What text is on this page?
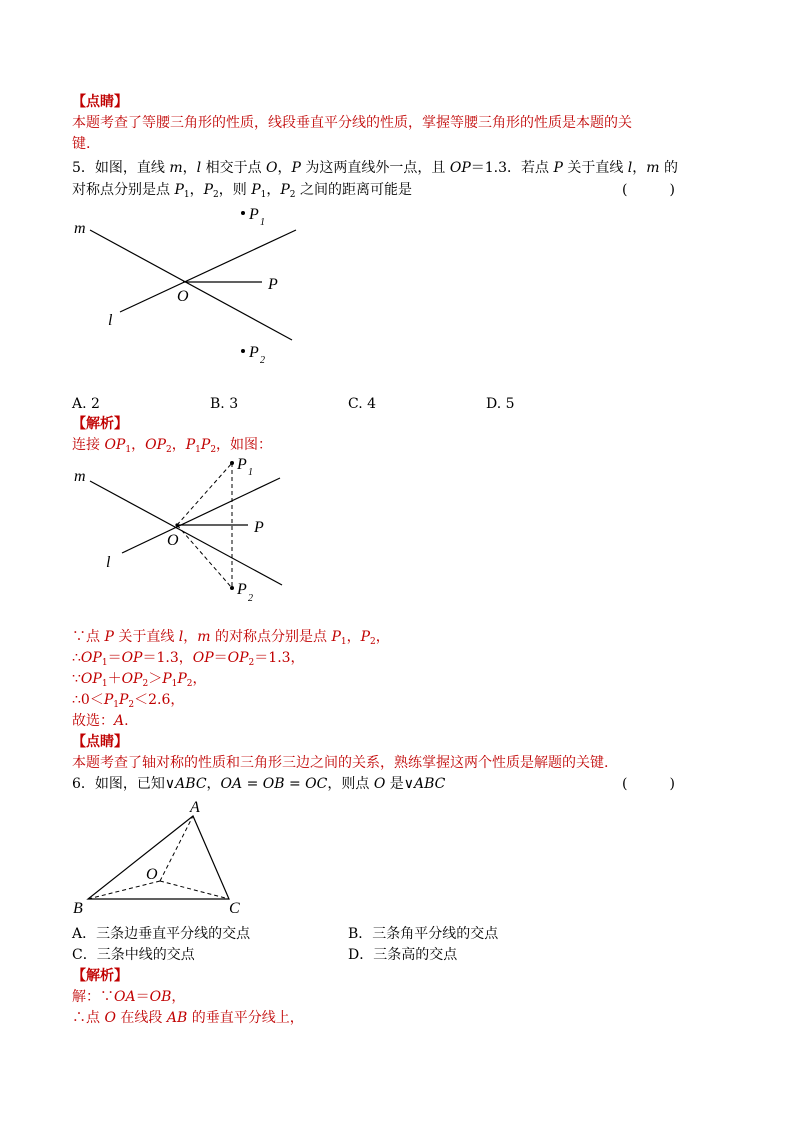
【点睛】
本题考查了等腰三角形的性质，线段垂直平分线的性质，掌握等腰三角形的性质是本题的关
键.
5．如图，直线 m，l 相交于点 O，P 为这两直线外一点，且 OP＝1.3．若点 P 关于直线 l，m 的
对称点分别是点 $P_1$，$P_2$，则 $P_1$，$P_2$ 之间的距离可能是	(　　　)
m
l
O
P
P 1
P 2
A. 2	B. 3	C. 4	D. 5
【解析】
连接 $OP_1$，$OP_2$，$P_1P_2$，如图：
m
l
O
P
P 1
P
2
∵点 P 关于直线 l，m 的对称点分别是点 $P_1$，$P_2$，
$\therefore OP_1=OP=1.3$，$OP=OP_2=1.3$，
$\because OP_1+OP_2>P_1P_2$，
$\therefore 0<P_1P_2<2.6$，
故选：A.
【点睛】
本题考查了轴对称的性质和三角形三边之间的关系，熟练掌握这两个性质是解题的关键.
6．如图，已知∨ABC，OA = OB = OC，则点 O 是∨ABC	(　　　)
A
B	C
O
A．三条边垂直平分线的交点	B．三条角平分线的交点
C．三条中线的交点	D．三条高的交点
【解析】
解：∵OA＝OB，
∴点 O 在线段 AB 的垂直平分线上，
